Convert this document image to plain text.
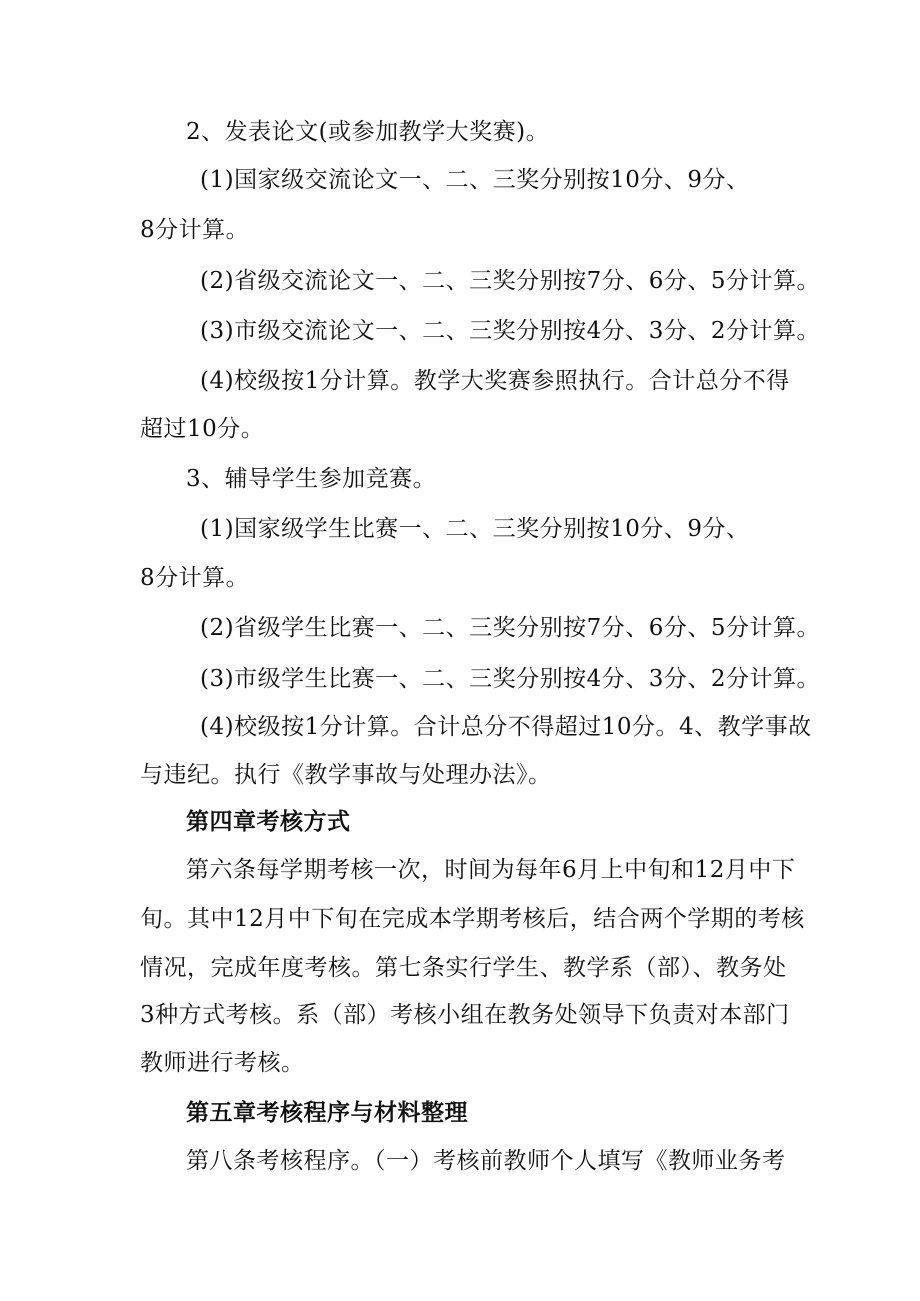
2、发表论文(或参加教学大奖赛)。
(1)国家级交流论文一、二、三奖分别按10分、9分、
8分计算。
(2)省级交流论文一、二、三奖分别按7分、6分、5分计算。
(3)市级交流论文一、二、三奖分别按4分、3分、2分计算。
(4)校级按1分计算。教学大奖赛参照执行。合计总分不得
超过10分。
3、辅导学生参加竞赛。
(1)国家级学生比赛一、二、三奖分别按10分、9分、
8分计算。
(2)省级学生比赛一、二、三奖分别按7分、6分、5分计算。
(3)市级学生比赛一、二、三奖分别按4分、3分、2分计算。
(4)校级按1分计算。合计总分不得超过10分。4、教学事故
与违纪。执行《教学事故与处理办法》。
第四章考核方式
第六条每学期考核一次，时间为每年6月上中旬和12月中下
旬。其中12月中下旬在完成本学期考核后，结合两个学期的考核
情况，完成年度考核。第七条实行学生、教学系（部）、教务处
3种方式考核。系（部）考核小组在教务处领导下负责对本部门
教师进行考核。
第五章考核程序与材料整理
第八条考核程序。（一）考核前教师个人填写《教师业务考
